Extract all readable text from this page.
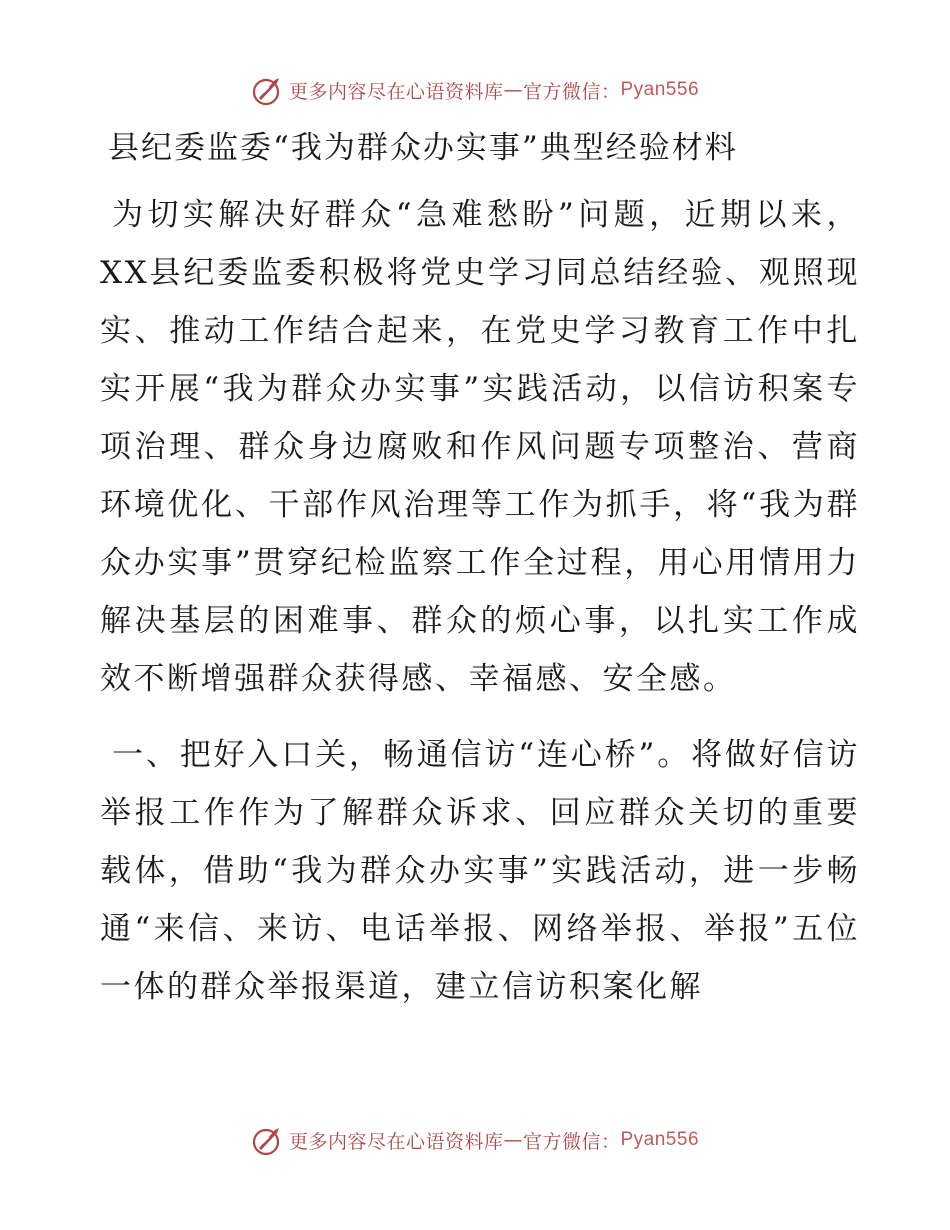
更多内容尽在心语资料库 — 官方微信： Pyan556
县纪委监委“我为群众办实事”典型经验材料

为切实解决好群众“急难愁盼”问题，近期以来，XX县纪委监委积极将党史学习同总结经验、观照现实、推动工作结合起来，在党史学习教育工作中扎实开展“我为群众办实事”实践活动，以信访积案专项治理、群众身边腐败和作风问题专项整治、营商环境优化、干部作风治理等工作为抓手，将“我为群众办实事”贯穿纪检监察工作全过程，用心用情用力解决基层的困难事、群众的烦心事，以扎实工作成效不断增强群众获得感、幸福感、安全感。

一、把好入口关，畅通信访“连心桥”。将做好信访举报工作作为了解群众诉求、回应群众关切的重要载体，借助“我为群众办实事”实践活动，进一步畅通“来信、来访、电话举报、网络举报、举报”五位一体的群众举报渠道，建立信访积案化解

更多内容尽在心语资料库 — 官方微信： Pyan556
